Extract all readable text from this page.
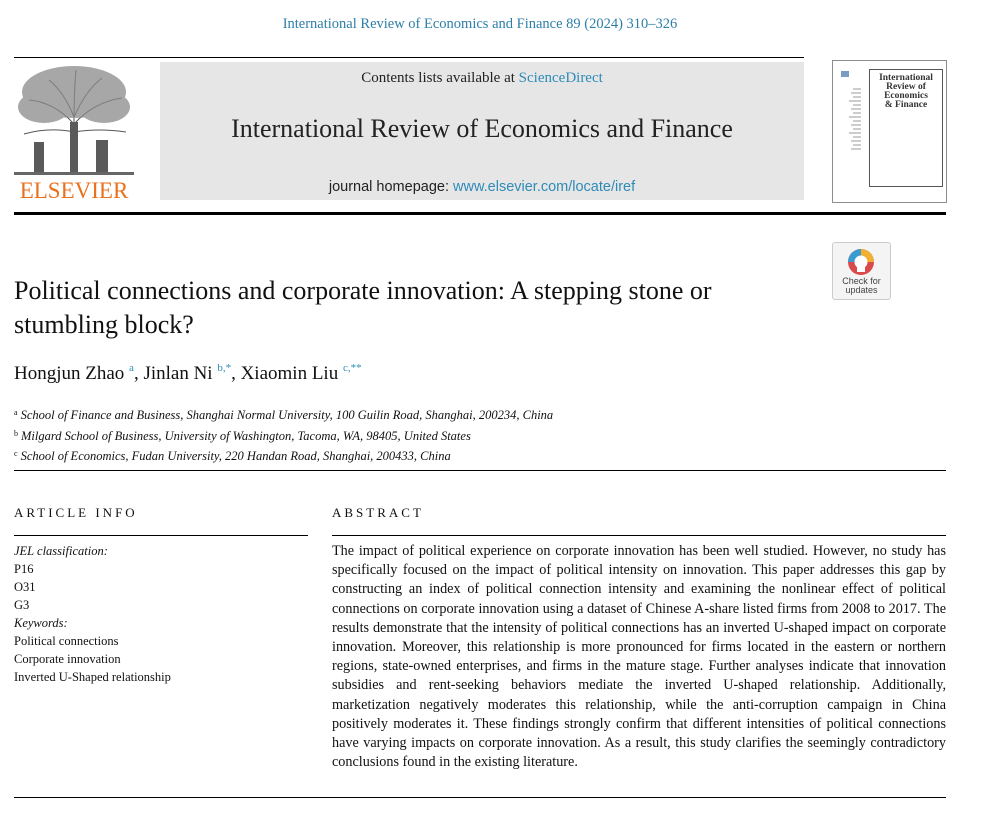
International Review of Economics and Finance 89 (2024) 310–326
ELSEVIER
Contents lists available at ScienceDirect
International Review of Economics and Finance
journal homepage: www.elsevier.com/locate/iref
International
Review of
Economics
& Finance
Check for
updates
Political connections and corporate innovation: A stepping stone or stumbling block?
Hongjun Zhao $^a$, Jinlan Ni $^{b,*}$, Xiaomin Liu $^{c,**}$
$^a$ School of Finance and Business, Shanghai Normal University, 100 Guilin Road, Shanghai, 200234, China
$^b$ Milgard School of Business, University of Washington, Tacoma, WA, 98405, United States
$^c$ School of Economics, Fudan University, 220 Handan Road, Shanghai, 200433, China
ARTICLE INFO
JEL classification:
P16
O31
G3
Keywords:
Political connections
Corporate innovation
Inverted U-Shaped relationship
ABSTRACT
The impact of political experience on corporate innovation has been well studied. However, no study has specifically focused on the impact of political intensity on innovation. This paper addresses this gap by constructing an index of political connection intensity and examining the nonlinear effect of political connections on corporate innovation using a dataset of Chinese A-share listed firms from 2008 to 2017. The results demonstrate that the intensity of political connections has an inverted U-shaped impact on corporate innovation. Moreover, this relationship is more pronounced for firms located in the eastern or northern regions, state-owned enterprises, and firms in the mature stage. Further analyses indicate that innovation subsidies and rent-seeking behaviors mediate the inverted U-shaped relationship. Additionally, marketization negatively moderates this relationship, while the anti-corruption campaign in China positively moderates it. These findings strongly confirm that different intensities of political connections have varying impacts on corporate innovation. As a result, this study clarifies the seemingly contradictory conclusions found in the existing literature.
